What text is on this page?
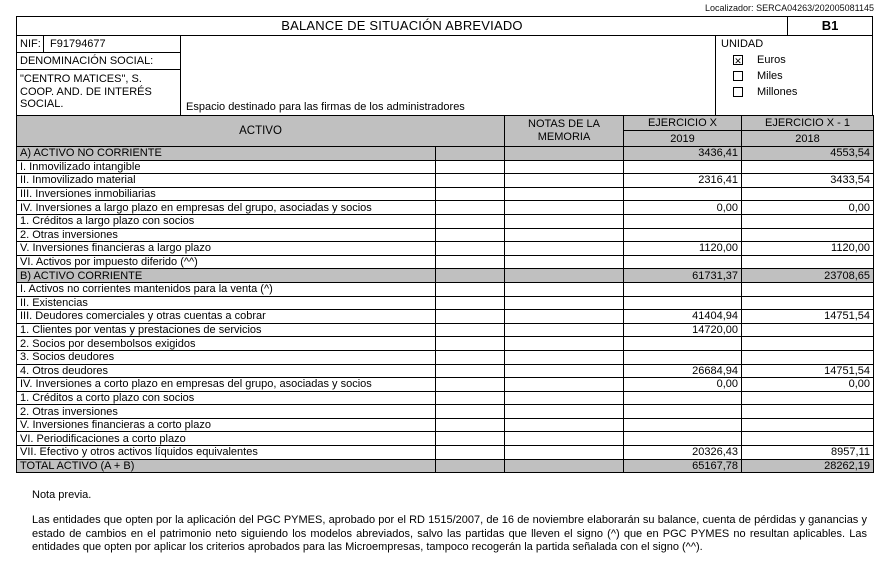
Localizador: SERCA04263/202005081145
BALANCE DE SITUACIÓN ABREVIADO	B1
NIF: F91794677
DENOMINACIÓN SOCIAL:
"CENTRO MATICES", S. COOP. AND. DE INTERÉS SOCIAL.	Espacio destinado para las firmas de los administradores
UNIDAD
✕ Euros
Miles
Millones
ACTIVO		NOTAS DE LA MEMORIA	EJERCICIO X	EJERCICIO X - 1
			2019	2018
A) ACTIVO NO CORRIENTE			3436,41	4553,54
I. Inmovilizado intangible				
II. Inmovilizado material			2316,41	3433,54
III. Inversiones inmobiliarias				
IV. Inversiones a largo plazo en empresas del grupo, asociadas y socios			0,00	0,00
1. Créditos a largo plazo con socios				
2. Otras inversiones				
V. Inversiones financieras a largo plazo			1120,00	1120,00
VI. Activos por impuesto diferido (^^)				
B) ACTIVO CORRIENTE			61731,37	23708,65
I. Activos no corrientes mantenidos para la venta (^)				
II. Existencias				
III. Deudores comerciales y otras cuentas a cobrar			41404,94	14751,54
1. Clientes por ventas y prestaciones de servicios			14720,00	
2. Socios por desembolsos exigidos				
3. Socios deudores				
4. Otros deudores			26684,94	14751,54
IV. Inversiones a corto plazo en empresas del grupo, asociadas y socios			0,00	0,00
1. Créditos a corto plazo con socios				
2. Otras inversiones				
V. Inversiones financieras a corto plazo				
VI. Periodificaciones a corto plazo				
VII. Efectivo y otros activos líquidos equivalentes			20326,43	8957,11
TOTAL ACTIVO (A + B)			65167,78	28262,19
Nota previa.

Las entidades que opten por la aplicación del PGC PYMES, aprobado por el RD 1515/2007, de 16 de noviembre elaborarán su balance, cuenta de pérdidas y ganancias y estado de cambios en el patrimonio neto siguiendo los modelos abreviados, salvo las partidas que lleven el signo (^) que en PGC PYMES no resultan aplicables. Las entidades que opten por aplicar los criterios aprobados para las Microempresas, tampoco recogerán la partida señalada con el signo (^^).
